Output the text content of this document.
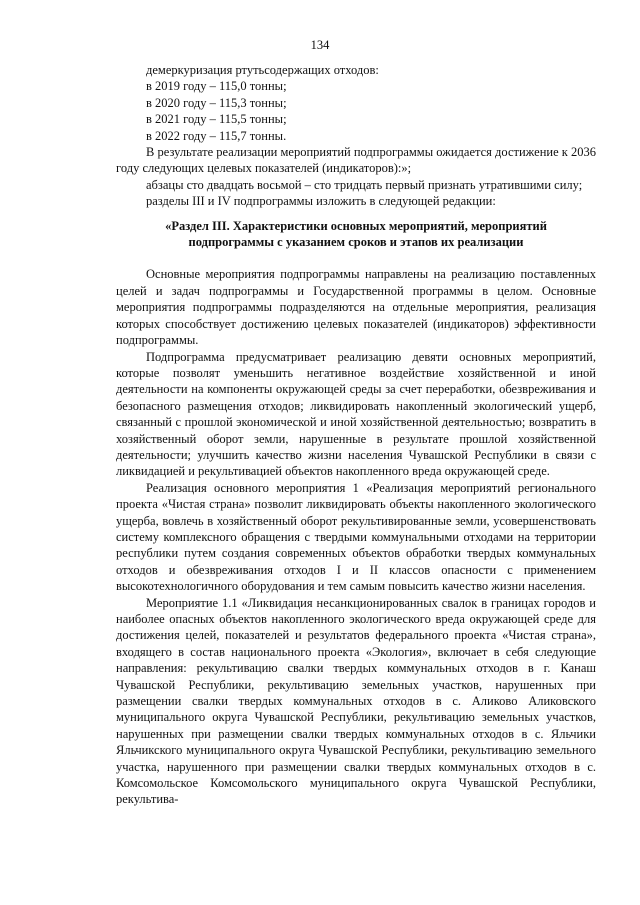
134

демеркуризация ртутьсодержащих отходов:

в 2019 году – 115,0 тонны;

в 2020 году – 115,3 тонны;

в 2021 году – 115,5 тонны;

в 2022 году – 115,7 тонны.

В результате реализации мероприятий подпрограммы ожидается достижение к 2036 году следующих целевых показателей (индикаторов):»;

абзацы сто двадцать восьмой – сто тридцать первый признать утратившими силу;

разделы III и IV подпрограммы изложить в следующей редакции:

«Раздел III. Характеристики основных мероприятий, мероприятий
подпрограммы с указанием сроков и этапов их реализации

Основные мероприятия подпрограммы направлены на реализацию поставленных целей и задач подпрограммы и Государственной программы в целом. Основные мероприятия подпрограммы подразделяются на отдельные мероприятия, реализация которых способствует достижению целевых показателей (индикаторов) эффективности подпрограммы.

Подпрограмма предусматривает реализацию девяти основных мероприятий, которые позволят уменьшить негативное воздействие хозяйственной и иной деятельности на компоненты окружающей среды за счет переработки, обезвреживания и безопасного размещения отходов; ликвидировать накопленный экологический ущерб, связанный с прошлой экономической и иной хозяйственной деятельностью; возвратить в хозяйственный оборот земли, нарушенные в результате прошлой хозяйственной деятельности; улучшить качество жизни населения Чувашской Республики в связи с ликвидацией и рекультивацией объектов накопленного вреда окружающей среде.

Реализация основного мероприятия 1 «Реализация мероприятий регионального проекта «Чистая страна» позволит ликвидировать объекты накопленного экологического ущерба, вовлечь в хозяйственный оборот рекультивированные земли, усовершенствовать систему комплексного обращения с твердыми коммунальными отходами на территории республики путем создания современных объектов обработки твердых коммунальных отходов и обезвреживания отходов I и II классов опасности с применением высокотехнологичного оборудования и тем самым повысить качество жизни населения.

Мероприятие 1.1 «Ликвидация несанкционированных свалок в границах городов и наиболее опасных объектов накопленного экологического вреда окружающей среде для достижения целей, показателей и результатов федерального проекта «Чистая страна», входящего в состав национального проекта «Экология», включает в себя следующие направления: рекультивацию свалки твердых коммунальных отходов в г. Канаш Чувашской Республики, рекультивацию земельных участков, нарушенных при размещении свалки твердых коммунальных отходов в с. Аликово Аликовского муниципального округа Чувашской Республики, рекультивацию земельных участков, нарушенных при размещении свалки твердых коммунальных отходов в с. Яльчики Яльчикского муниципального округа Чувашской Республики, рекультивацию земельного участка, нарушенного при размещении свалки твердых коммунальных отходов в с. Комсомольское Комсомольского муниципального округа Чувашской Республики, рекультива-
